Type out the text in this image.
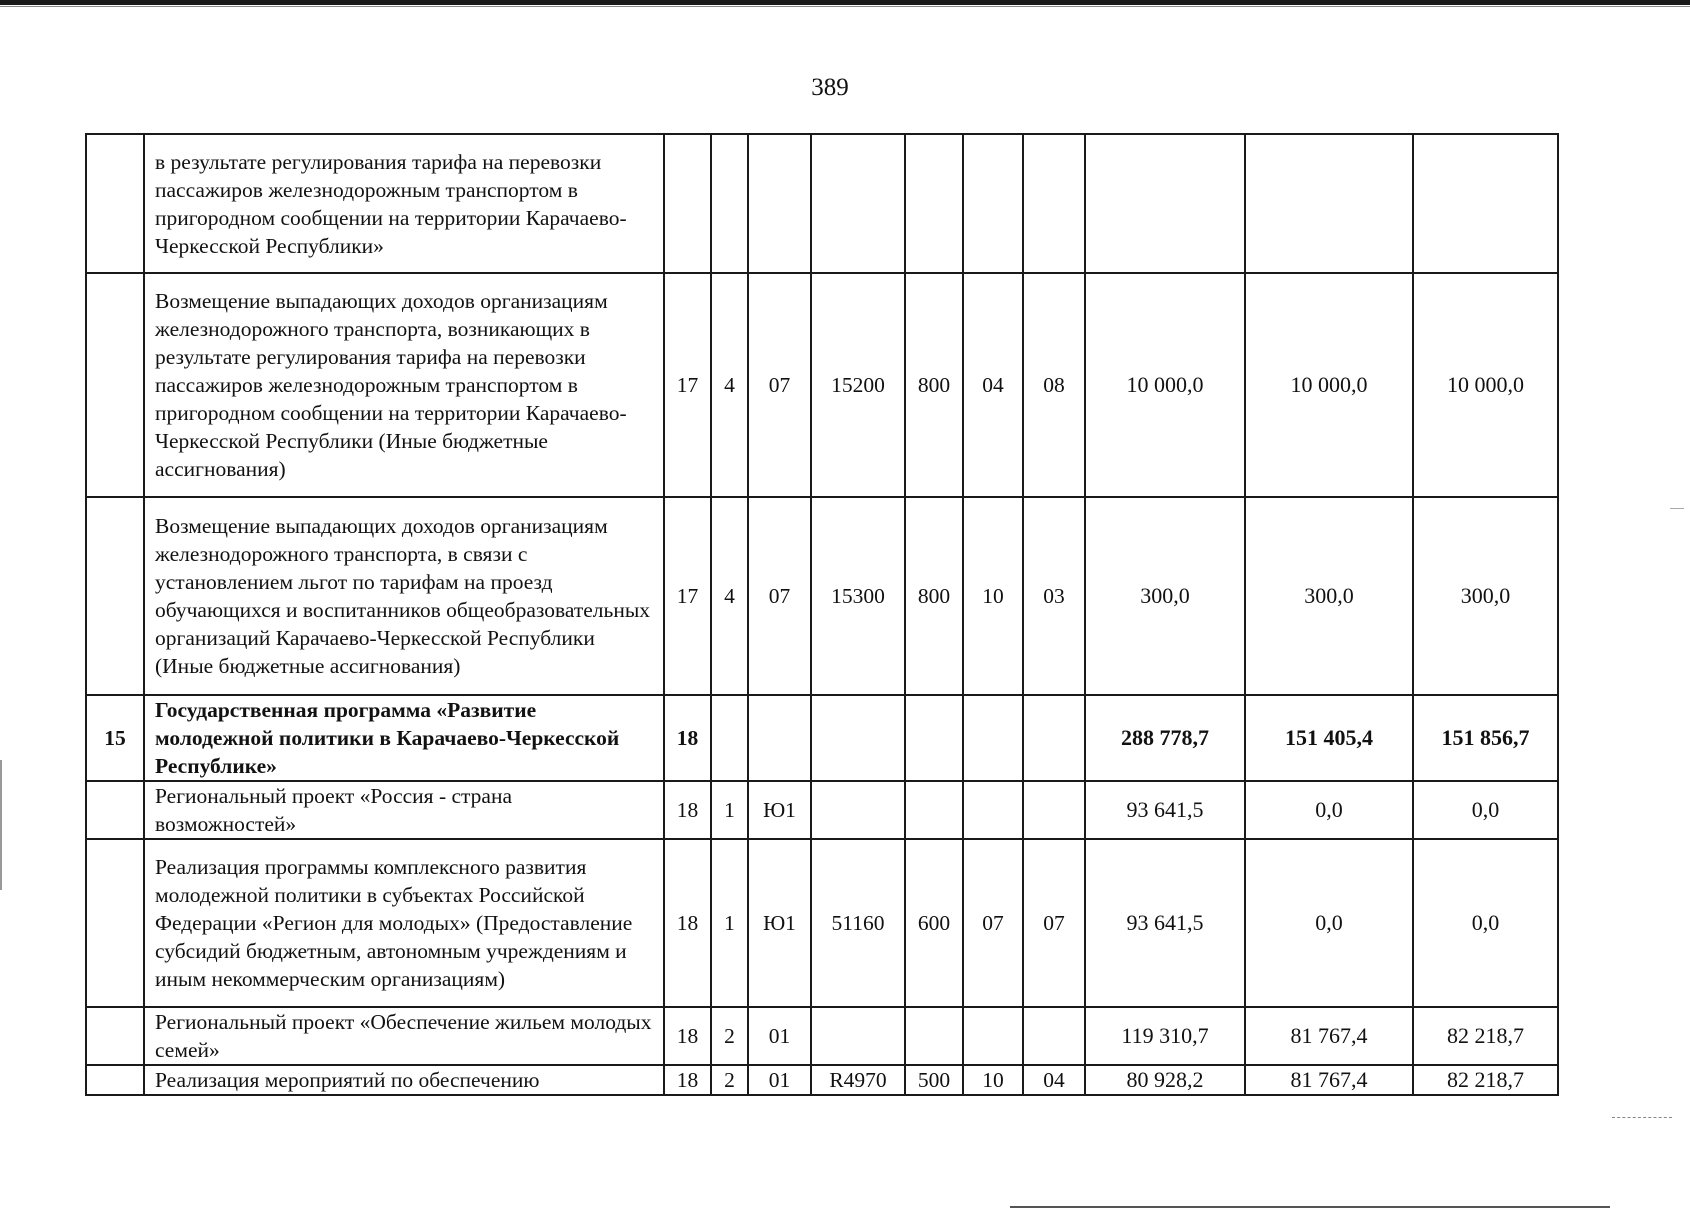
389
	в результате регулирования тарифа на перевозки пассажиров железнодорожным транспортом в пригородном сообщении на территории Карачаево-Черкесской Республики»										
	Возмещение выпадающих доходов организациям железнодорожного транспорта, возникающих в результате регулирования тарифа на перевозки пассажиров железнодорожным транспортом в пригородном сообщении на территории Карачаево-Черкесской Республики (Иные бюджетные ассигнования)	17	4	07	15200	800	04	08	10 000,0	10 000,0	10 000,0
	Возмещение выпадающих доходов организациям железнодорожного транспорта, в связи с установлением льгот по тарифам на проезд обучающихся и воспитанников общеобразовательных организаций Карачаево-Черкесской Республики (Иные бюджетные ассигнования)	17	4	07	15300	800	10	03	300,0	300,0	300,0
15	Государственная программа «Развитие молодежной политики в Карачаево-Черкесской Республике»	18							288 778,7	151 405,4	151 856,7
	Региональный проект «Россия - страна возможностей»	18	1	Ю1					93 641,5	0,0	0,0
	Реализация программы комплексного развития молодежной политики в субъектах Российской Федерации «Регион для молодых» (Предоставление субсидий бюджетным, автономным учреждениям и иным некоммерческим организациям)	18	1	Ю1	51160	600	07	07	93 641,5	0,0	0,0
	Региональный проект «Обеспечение жильем молодых семей»	18	2	01					119 310,7	81 767,4	82 218,7
	Реализация мероприятий по обеспечению	18	2	01	R4970	500	10	04	80 928,2	81 767,4	82 218,7
